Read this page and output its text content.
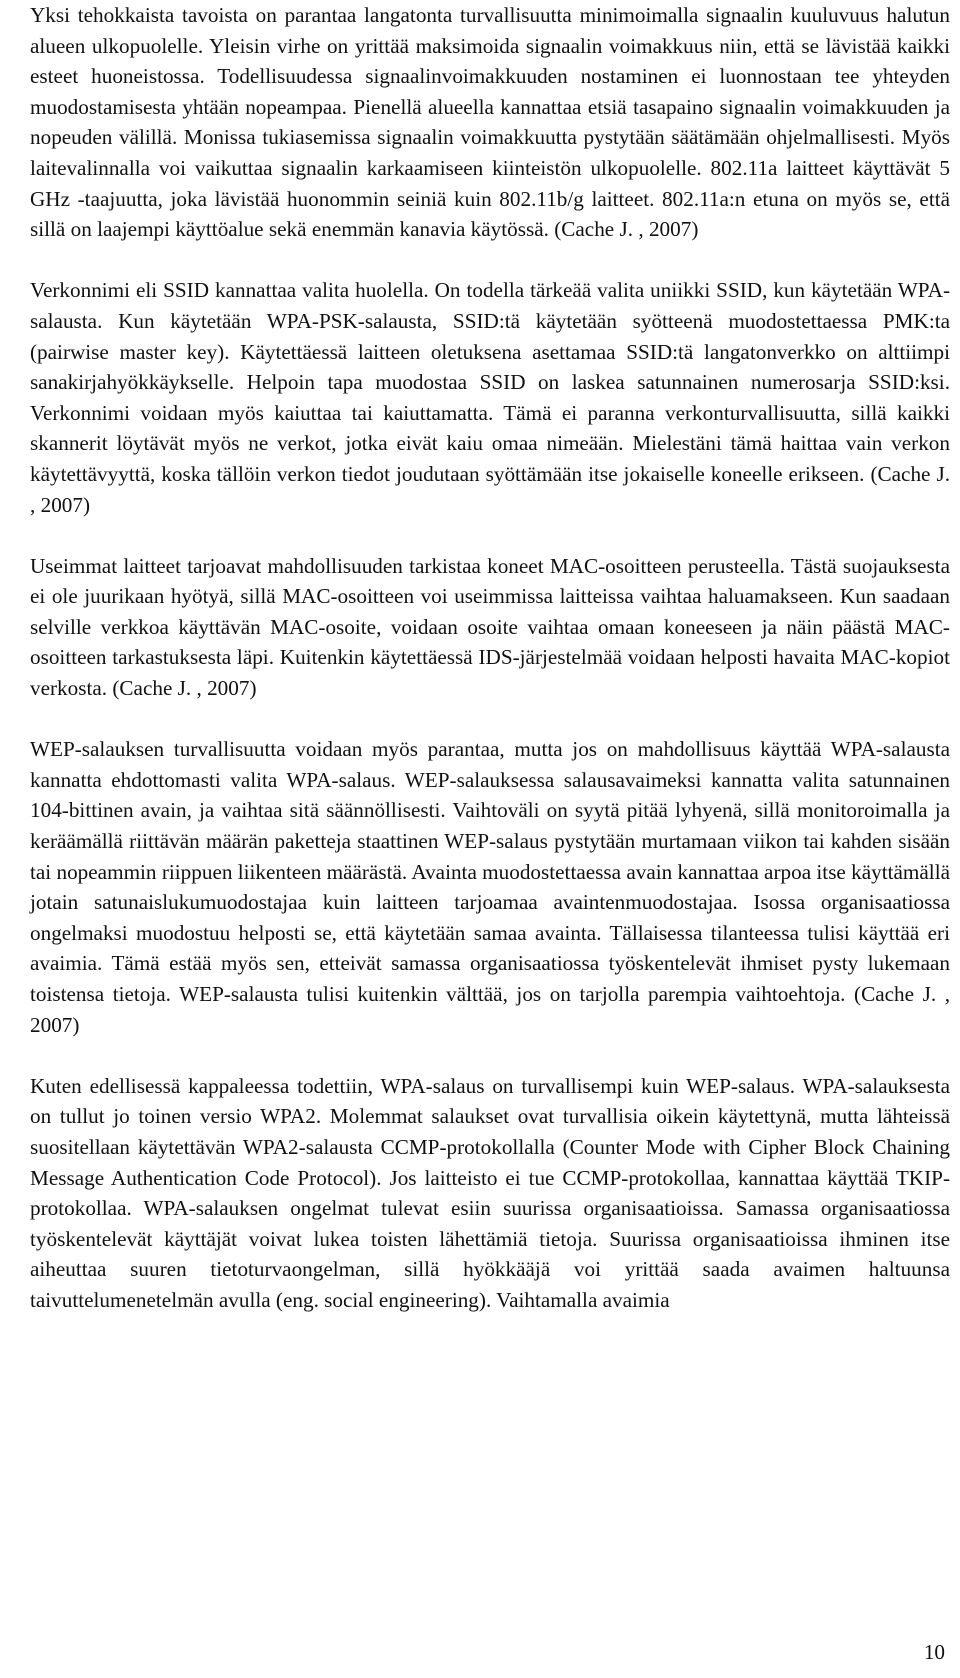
Yksi tehokkaista tavoista on parantaa langatonta turvallisuutta minimoimalla signaalin kuuluvuus halutun alueen ulkopuolelle. Yleisin virhe on yrittää maksimoida signaalin voimakkuus niin, että se lävistää kaikki esteet huoneistossa. Todellisuudessa signaalinvoimakkuuden nostaminen ei luonnostaan tee yhteyden muodostamisesta yhtään nopeampaa. Pienellä alueella kannattaa etsiä tasapaino signaalin voimakkuuden ja nopeuden välillä. Monissa tukiasemissa signaalin voimakkuutta pystytään säätämään ohjelmallisesti. Myös laitevalinnalla voi vaikuttaa signaalin karkaamiseen kiinteistön ulkopuolelle. 802.11a laitteet käyttävät 5 GHz -taajuutta, joka lävistää huonommin seiniä kuin 802.11b/g laitteet. 802.11a:n etuna on myös se, että sillä on laajempi käyttöalue sekä enemmän kanavia käytössä. (Cache J. , 2007)

Verkonnimi eli SSID kannattaa valita huolella. On todella tärkeää valita uniikki SSID, kun käytetään WPA-salausta. Kun käytetään WPA-PSK-salausta, SSID:tä käytetään syötteenä muodostettaessa PMK:ta (pairwise master key). Käytettäessä laitteen oletuksena asettamaa SSID:tä langatonverkko on alttiimpi sanakirjahyökkäykselle. Helpoin tapa muodostaa SSID on laskea satunnainen numerosarja SSID:ksi. Verkonnimi voidaan myös kaiuttaa tai kaiuttamatta. Tämä ei paranna verkonturvallisuutta, sillä kaikki skannerit löytävät myös ne verkot, jotka eivät kaiu omaa nimeään. Mielestäni tämä haittaa vain verkon käytettävyyttä, koska tällöin verkon tiedot joudutaan syöttämään itse jokaiselle koneelle erikseen. (Cache J. , 2007)

Useimmat laitteet tarjoavat mahdollisuuden tarkistaa koneet MAC-osoitteen perusteella. Tästä suojauksesta ei ole juurikaan hyötyä, sillä MAC-osoitteen voi useimmissa laitteissa vaihtaa haluamakseen. Kun saadaan selville verkkoa käyttävän MAC-osoite, voidaan osoite vaihtaa omaan koneeseen ja näin päästä MAC-osoitteen tarkastuksesta läpi. Kuitenkin käytettäessä IDS-järjestelmää voidaan helposti havaita MAC-kopiot verkosta. (Cache J. , 2007)

WEP-salauksen turvallisuutta voidaan myös parantaa, mutta jos on mahdollisuus käyttää WPA-salausta kannatta ehdottomasti valita WPA-salaus. WEP-salauksessa salausavaimeksi kannatta valita satunnainen 104-bittinen avain, ja vaihtaa sitä säännöllisesti. Vaihtoväli on syytä pitää lyhyenä, sillä monitoroimalla ja keräämällä riittävän määrän paketteja staattinen WEP-salaus pystytään murtamaan viikon tai kahden sisään tai nopeammin riippuen liikenteen määrästä. Avainta muodostettaessa avain kannattaa arpoa itse käyttämällä jotain satunaislukumuodostajaa kuin laitteen tarjoamaa avaintenmuodostajaa. Isossa organisaatiossa ongelmaksi muodostuu helposti se, että käytetään samaa avainta. Tällaisessa tilanteessa tulisi käyttää eri avaimia. Tämä estää myös sen, etteivät samassa organisaatiossa työskentelevät ihmiset pysty lukemaan toistensa tietoja. WEP-salausta tulisi kuitenkin välttää, jos on tarjolla parempia vaihtoehtoja. (Cache J. , 2007)

Kuten edellisessä kappaleessa todettiin, WPA-salaus on turvallisempi kuin WEP-salaus. WPA-salauksesta on tullut jo toinen versio WPA2. Molemmat salaukset ovat turvallisia oikein käytettynä, mutta lähteissä suositellaan käytettävän WPA2-salausta CCMP-protokollalla (Counter Mode with Cipher Block Chaining Message Authentication Code Protocol). Jos laitteisto ei tue CCMP-protokollaa, kannattaa käyttää TKIP-protokollaa. WPA-salauksen ongelmat tulevat esiin suurissa organisaatioissa. Samassa organisaatiossa työskentelevät käyttäjät voivat lukea toisten lähettämiä tietoja. Suurissa organisaatioissa ihminen itse aiheuttaa suuren tietoturvaongelman, sillä hyökkääjä voi yrittää saada avaimen haltuunsa taivuttelumenetelmän avulla (eng. social engineering). Vaihtamalla avaimia

10
